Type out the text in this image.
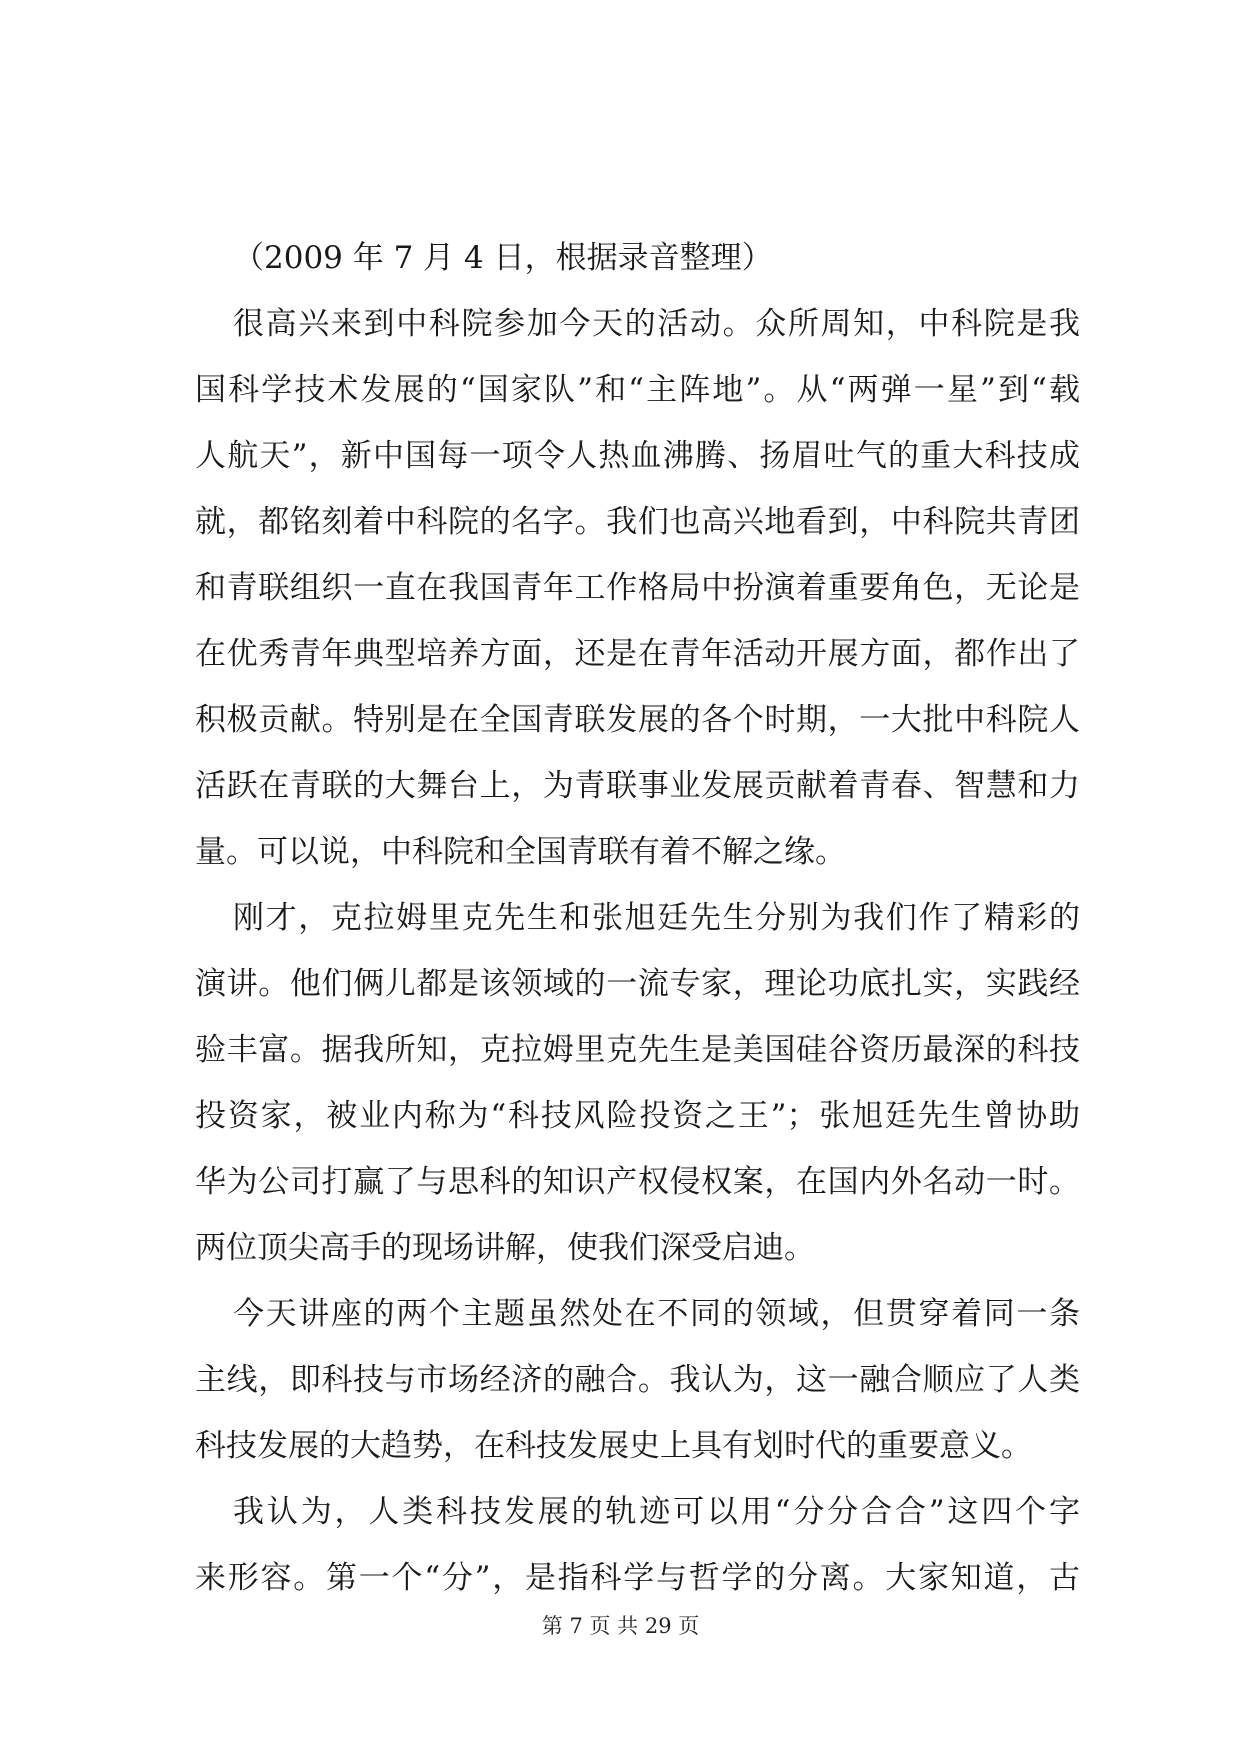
（2009 年 7 月 4 日，根据录音整理）
很高兴来到中科院参加今天的活动。众所周知，中科院是我
国科学技术发展的“国家队”和“主阵地”。从“两弹一星”到“载
人航天”，新中国每一项令人热血沸腾、扬眉吐气的重大科技成
就，都铭刻着中科院的名字。我们也高兴地看到，中科院共青团
和青联组织一直在我国青年工作格局中扮演着重要角色，无论是
在优秀青年典型培养方面，还是在青年活动开展方面，都作出了
积极贡献。特别是在全国青联发展的各个时期，一大批中科院人
活跃在青联的大舞台上，为青联事业发展贡献着青春、智慧和力
量。可以说，中科院和全国青联有着不解之缘。
刚才，克拉姆里克先生和张旭廷先生分别为我们作了精彩的
演讲。他们俩儿都是该领域的一流专家，理论功底扎实，实践经
验丰富。据我所知，克拉姆里克先生是美国硅谷资历最深的科技
投资家，被业内称为“科技风险投资之王”；张旭廷先生曾协助
华为公司打赢了与思科的知识产权侵权案，在国内外名动一时。
两位顶尖高手的现场讲解，使我们深受启迪。
今天讲座的两个主题虽然处在不同的领域，但贯穿着同一条
主线，即科技与市场经济的融合。我认为，这一融合顺应了人类
科技发展的大趋势，在科技发展史上具有划时代的重要意义。
我认为，人类科技发展的轨迹可以用“分分合合”这四个字
来形容。第一个“分”，是指科学与哲学的分离。大家知道，古
第 7 页 共 29 页
